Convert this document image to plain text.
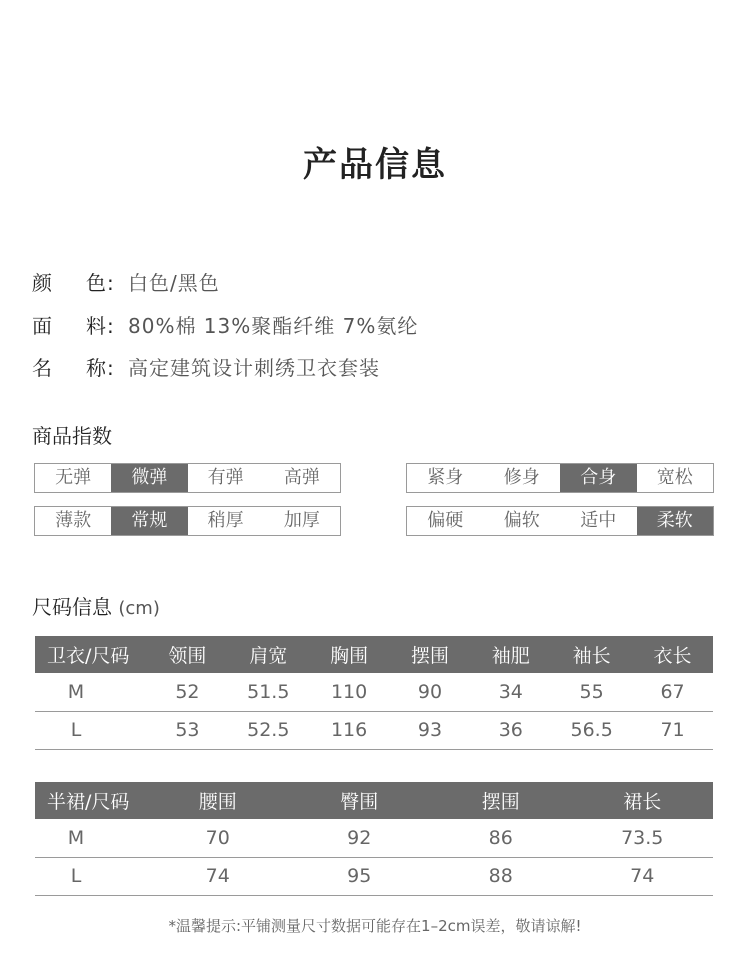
产品信息
颜 色: 白色/黑色
面 料: 80%棉 13%聚酯纤维 7%氨纶
名 称: 高定建筑设计刺绣卫衣套装
商品指数
无弹	微弹	有弹	高弹	紧身	修身	合身	宽松
薄款	常规	稍厚	加厚	偏硬	偏软	适中	柔软
尺码信息 (cm)
卫衣/尺码	领围	肩宽	胸围	摆围	袖肥	袖长	衣长
M	52	51.5	110	90	34	55	67
L	53	52.5	116	93	36	56.5	71
半裙/尺码	腰围	臀围	摆围	裙长
M	70	92	86	73.5
L	74	95	88	74
*温馨提示:平铺测量尺寸数据可能存在1–2cm误差，敬请谅解!
